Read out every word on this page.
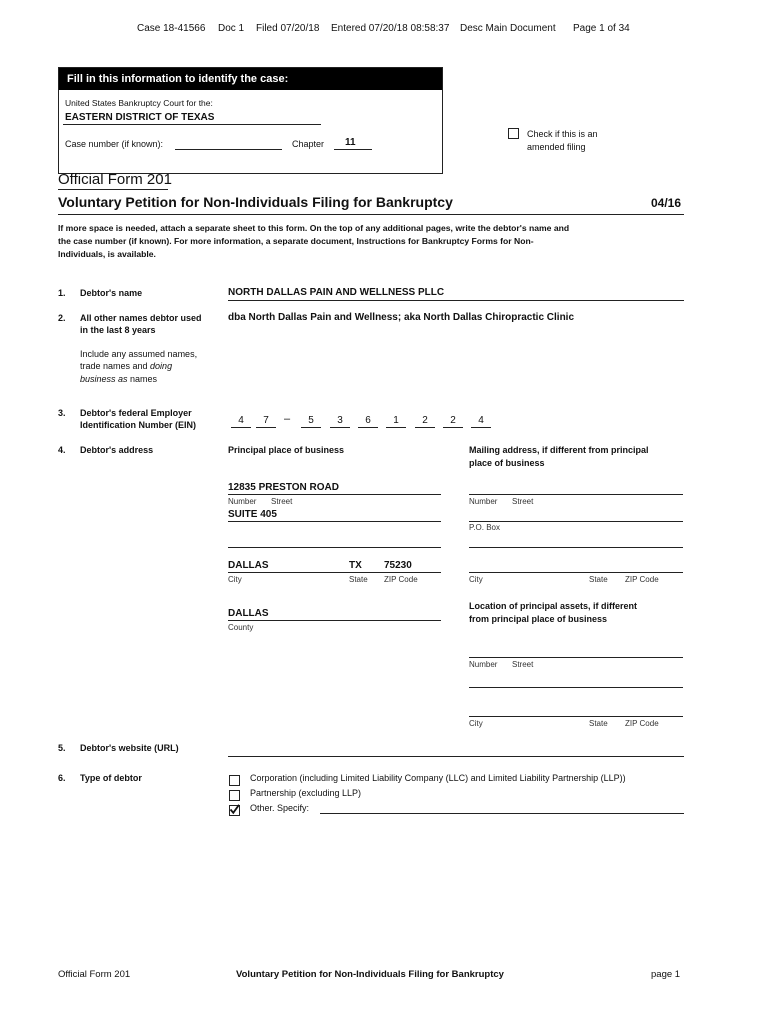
Case 18-41566 Doc 1 Filed 07/20/18 Entered 07/20/18 08:58:37 Desc Main Document Page 1 of 34
Fill in this information to identify the case:
United States Bankruptcy Court for the:
EASTERN DISTRICT OF TEXAS
Case number (if known):	Chapter 11
Check if this is an
amended filing
Official Form 201
Voluntary Petition for Non-Individuals Filing for Bankruptcy	04/16
If more space is needed, attach a separate sheet to this form. On the top of any additional pages, write the debtor's name and
the case number (if known). For more information, a separate document, Instructions for Bankruptcy Forms for Non-
Individuals, is available.
1. Debtor's name	NORTH DALLAS PAIN AND WELLNESS PLLC
2. All other names debtor used
in the last 8 years
dba North Dallas Pain and Wellness; aka North Dallas Chiropractic Clinic
Include any assumed names,
trade names and doing
business as names
3. Debtor's federal Employer
Identification Number (EIN)	4	7	–	5	3	6	1	2	2	4
4. Debtor's address	Principal place of business	Mailing address, if different from principal
place of business
12835 PRESTON ROAD
Number Street
SUITE 405
Number Street
P.O. Box
DALLAS	TX 75230
City	State ZIP Code	City	State ZIP Code
DALLAS
County
Location of principal assets, if different
from principal place of business
Number Street
City	State ZIP Code
5. Debtor's website (URL)
6. Type of debtor	Corporation (including Limited Liability Company (LLC) and Limited Liability Partnership (LLP))
Partnership (excluding LLP)
Other. Specify:
Official Form 201	Voluntary Petition for Non-Individuals Filing for Bankruptcy	page 1
